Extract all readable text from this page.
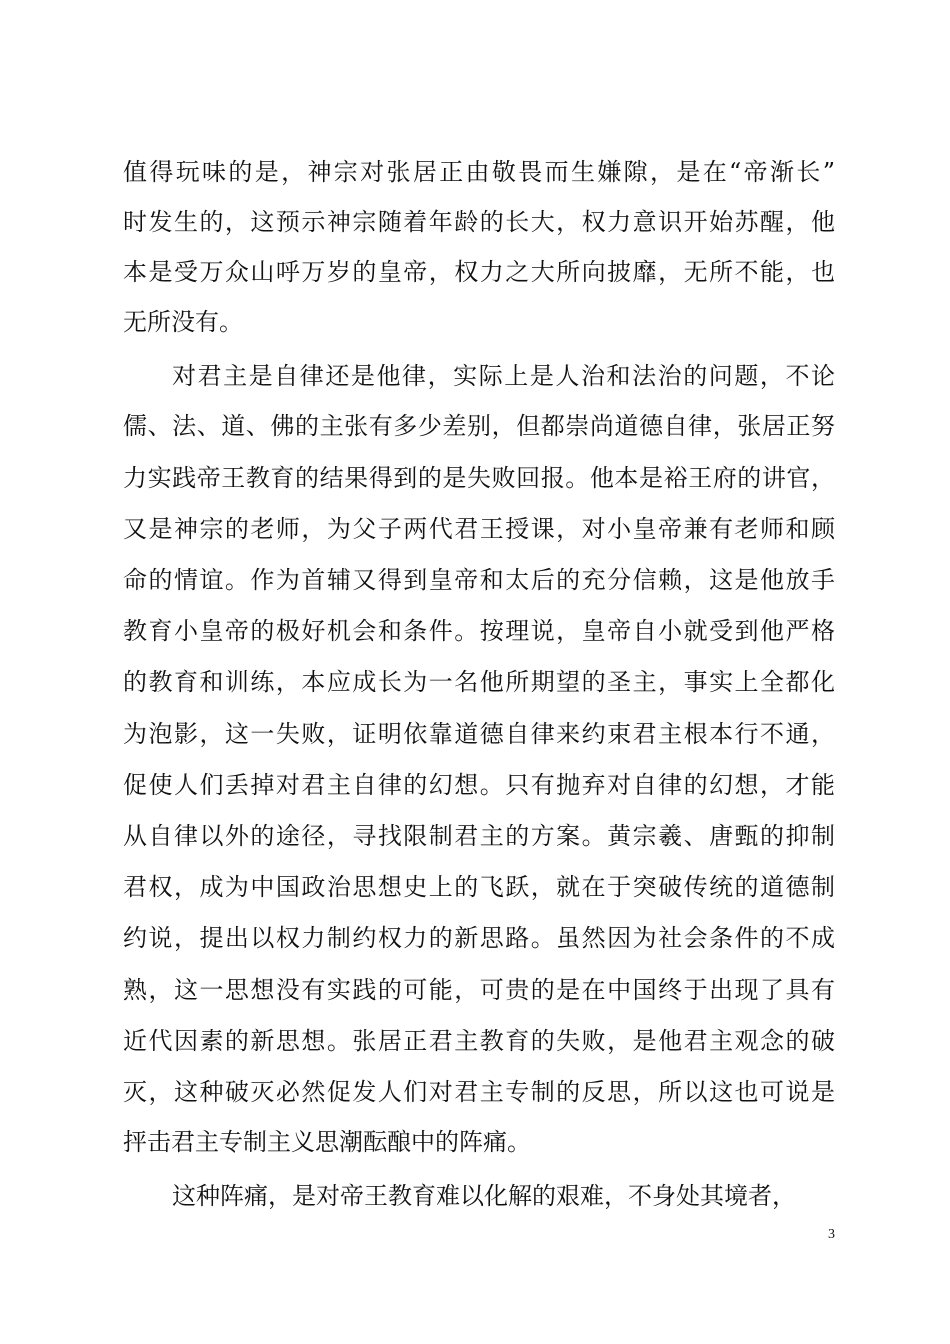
值得玩味的是，神宗对张居正由敬畏而生嫌隙，是在“帝渐长”
时发生的，这预示神宗随着年龄的长大，权力意识开始苏醒，他
本是受万众山呼万岁的皇帝，权力之大所向披靡，无所不能，也
无所没有。
对君主是自律还是他律，实际上是人治和法治的问题，不论
儒、法、道、佛的主张有多少差别，但都崇尚道德自律，张居正努
力实践帝王教育的结果得到的是失败回报。他本是裕王府的讲官，
又是神宗的老师，为父子两代君王授课，对小皇帝兼有老师和顾
命的情谊。作为首辅又得到皇帝和太后的充分信赖，这是他放手
教育小皇帝的极好机会和条件。按理说，皇帝自小就受到他严格
的教育和训练，本应成长为一名他所期望的圣主，事实上全都化
为泡影，这一失败，证明依靠道德自律来约束君主根本行不通，
促使人们丢掉对君主自律的幻想。只有抛弃对自律的幻想，才能
从自律以外的途径，寻找限制君主的方案。黄宗羲、唐甄的抑制
君权，成为中国政治思想史上的飞跃，就在于突破传统的道德制
约说，提出以权力制约权力的新思路。虽然因为社会条件的不成
熟，这一思想没有实践的可能，可贵的是在中国终于出现了具有
近代因素的新思想。张居正君主教育的失败，是他君主观念的破
灭，这种破灭必然促发人们对君主专制的反思，所以这也可说是
抨击君主专制主义思潮酝酿中的阵痛。
这种阵痛，是对帝王教育难以化解的艰难，不身处其境者，
3
